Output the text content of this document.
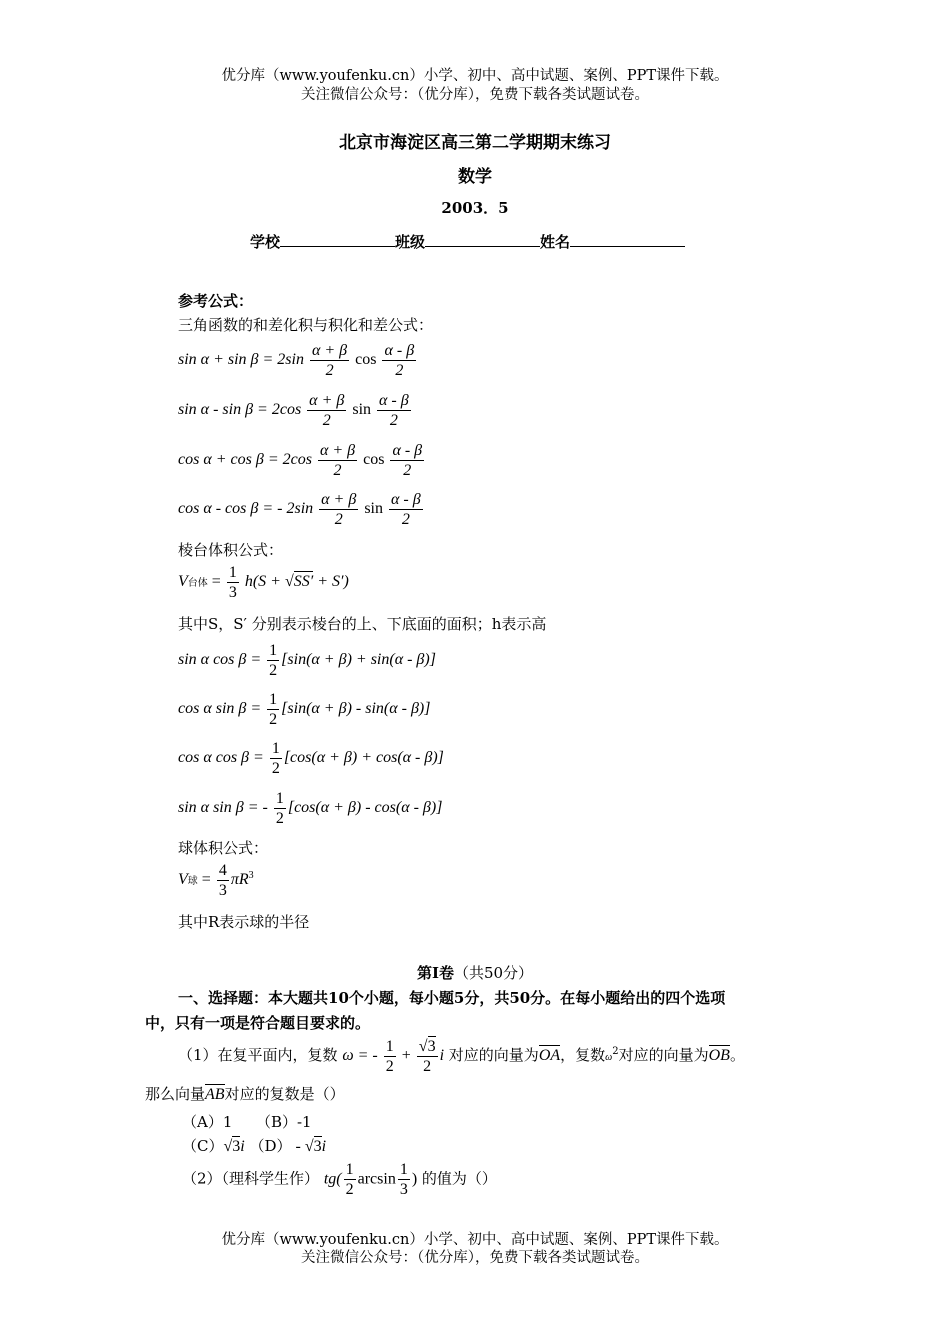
优分库（www.youfenku.cn）小学、初中、高中试题、案例、PPT课件下载。
关注微信公众号：（优分库），免费下载各类试题试卷。
北京市海淀区高三第二学期期末练习
数学
2003．5
学校	班级	姓名
参考公式：
三角函数的和差化积与积化和差公式：
$\sin \alpha + \sin \beta = 2\sin \frac{\alpha + \beta}{2}$ $\cos \frac{\alpha - \beta}{2}$
$\sin \alpha - \sin \beta = 2\cos \frac{\alpha + \beta}{2}$ $\sin \frac{\alpha - \beta}{2}$
$\cos \alpha + \cos \beta = 2\cos \frac{\alpha + \beta}{2}$ $\cos \frac{\alpha - \beta}{2}$
cos α - cos β = - $2\sin \frac{\alpha + \beta}{2}$ $\sin \frac{\alpha - \beta}{2}$
棱台体积公式：
V台体 = $\frac{1}{3} h(S + √SS' + S')$
其中S，S′ 分别表示棱台的上、下底面的面积；h表示高
sin α $\cos \beta = \frac{1}{2} [\sin(\alpha + \beta) + \sin(\alpha - \beta)]$
cos α $\sin \beta = \frac{1}{2} [\sin(\alpha + \beta) - \sin(\alpha - \beta)]$
cos α $\cos \beta = \frac{1}{2} [\cos(\alpha + \beta) + \cos(\alpha - \beta)]$
sin α sin β = - $\frac{1}{2} [\cos(\alpha + \beta) - \cos(\alpha - \beta)]$
球体积公式：
V球 = $\frac{4}{3} \pi R^3$
其中R表示球的半径
第Ⅰ卷（共50分）
一、选择题：本大题共10个小题，每小题5分，共50分。在每小题给出的四个选项
中，只有一项是符合题目要求的。
（1）在复平面内，复数 ω = - $\frac{1}{2} + \frac{√3}{2}$ i 对应的向量为OA，复数$\omega^2$对应的向量为OB。
那么向量AB对应的复数是（）
（A）1 （B）-1
（C）√3i （D） - √3i
（2）（理科学生作） $tg( \frac{1}{2}$ $\arcsin \frac{1}{3}$ ) 的值为（）
优分库（www.youfenku.cn）小学、初中、高中试题、案例、PPT课件下载。
关注微信公众号：（优分库），免费下载各类试题试卷。
